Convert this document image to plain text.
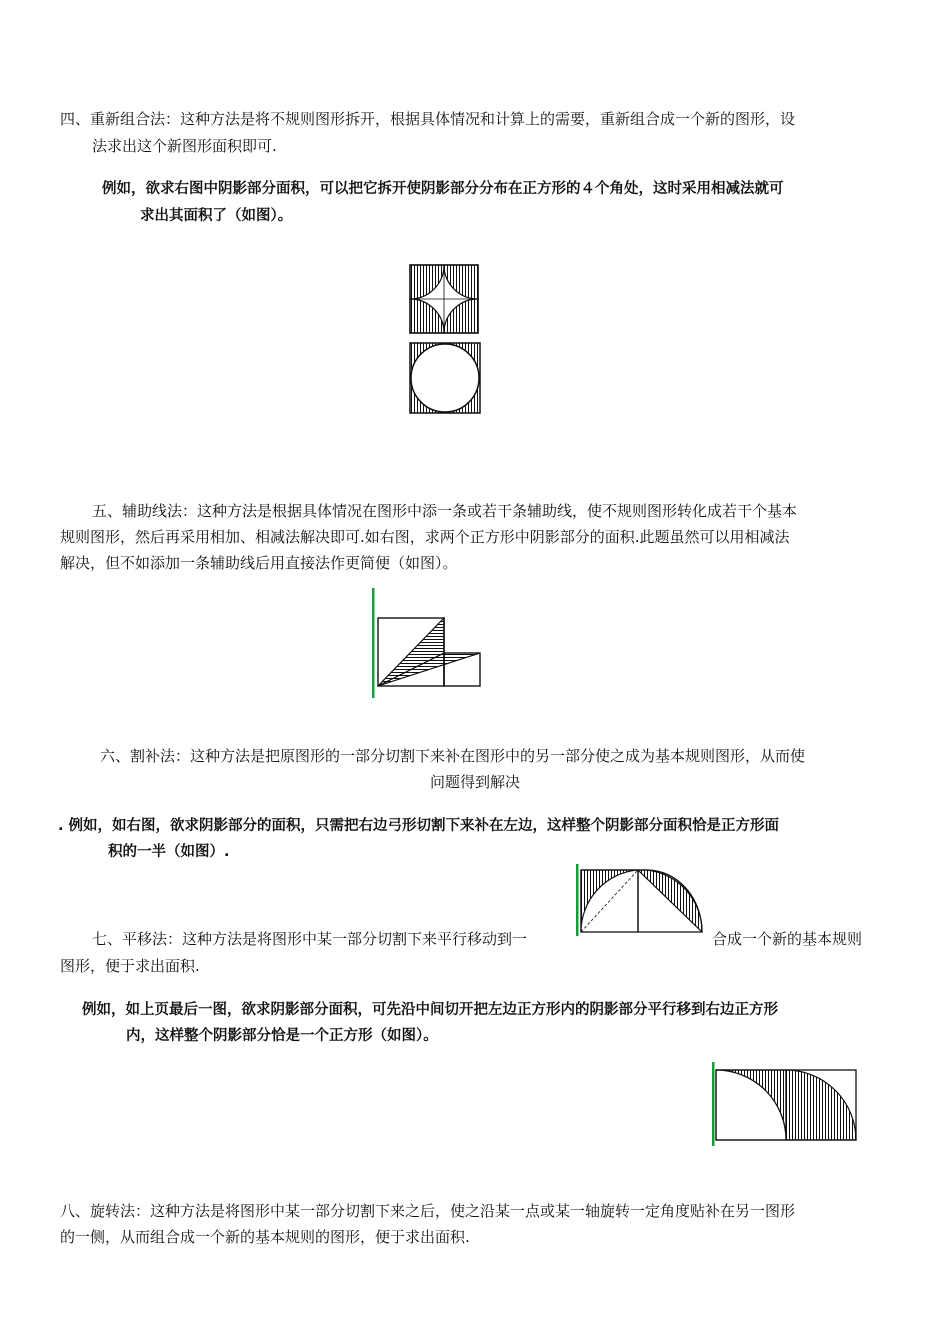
四、重新组合法：这种方法是将不规则图形拆开，根据具体情况和计算上的需要，重新组合成一个新的图形，设
法求出这个新图形面积即可.
例如，欲求右图中阴影部分面积，可以把它拆开使阴影部分分布在正方形的４个角处，这时采用相减法就可
求出其面积了（如图）。
五、辅助线法：这种方法是根据具体情况在图形中添一条或若干条辅助线，使不规则图形转化成若干个基本
规则图形，然后再采用相加、相减法解决即可.如右图，求两个正方形中阴影部分的面积.此题虽然可以用相减法
解决，但不如添加一条辅助线后用直接法作更简便（如图）。
六、割补法：这种方法是把原图形的一部分切割下来补在图形中的另一部分使之成为基本规则图形，从而使
问题得到解决
. 例如，如右图，欲求阴影部分的面积，只需把右边弓形切割下来补在左边，这样整个阴影部分面积恰是正方形面
积的一半（如图）.
七、平移法：这种方法是将图形中某一部分切割下来平行移动到一	合成一个新的基本规则
图形，便于求出面积.
例如，如上页最后一图，欲求阴影部分面积，可先沿中间切开把左边正方形内的阴影部分平行移到右边正方形
内，这样整个阴影部分恰是一个正方形（如图）。
八、旋转法：这种方法是将图形中某一部分切割下来之后，使之沿某一点或某一轴旋转一定角度贴补在另一图形
的一侧，从而组合成一个新的基本规则的图形，便于求出面积.
